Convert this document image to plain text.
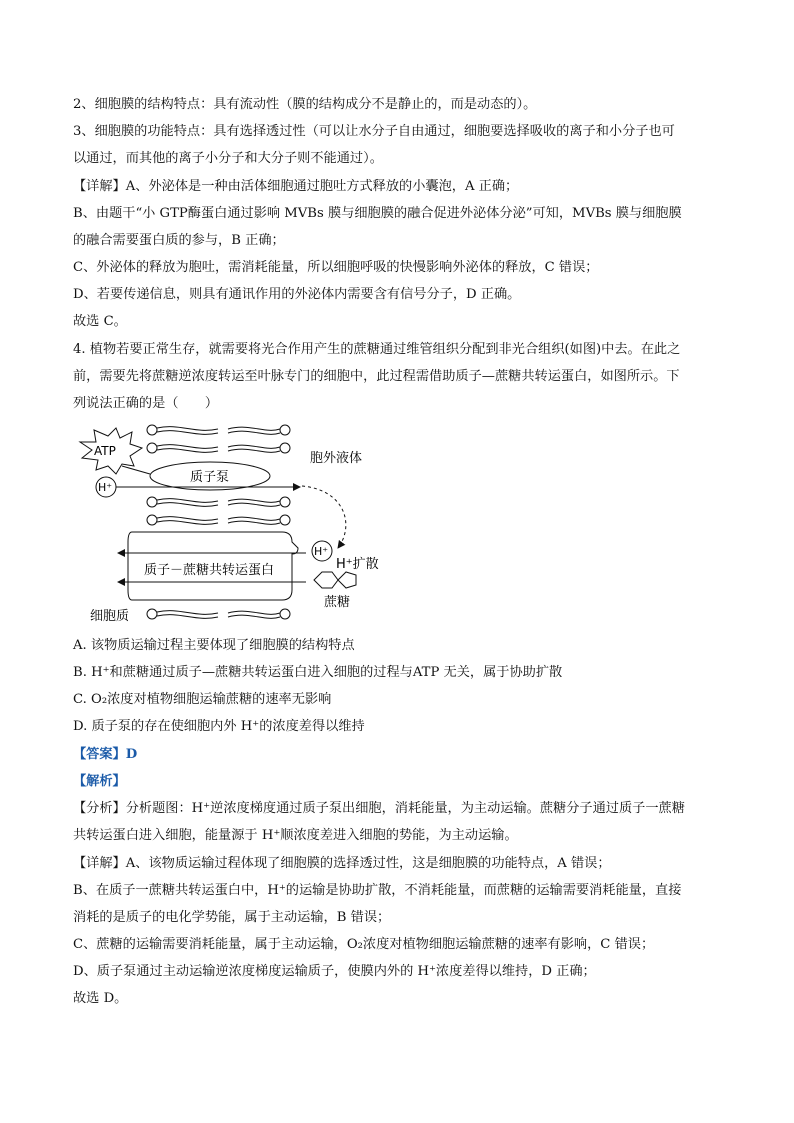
2、细胞膜的结构特点：具有流动性（膜的结构成分不是静止的，而是动态的）。
3、细胞膜的功能特点：具有选择透过性（可以让水分子自由通过，细胞要选择吸收的离子和小分子也可
以通过，而其他的离子小分子和大分子则不能通过）。
【详解】A、外泌体是一种由活体细胞通过胞吐方式释放的小囊泡，A 正确；
B、由题干“小 GTP酶蛋白通过影响 MVBs 膜与细胞膜的融合促进外泌体分泌”可知，MVBs 膜与细胞膜
的融合需要蛋白质的参与，B 正确；
C、外泌体的释放为胞吐，需消耗能量，所以细胞呼吸的快慢影响外泌体的释放，C 错误；
D、若要传递信息，则具有通讯作用的外泌体内需要含有信号分子，D 正确。
故选 C。
4. 植物若要正常生存，就需要将光合作用产生的蔗糖通过维管组织分配到非光合组织(如图)中去。在此之
前，需要先将蔗糖逆浓度转运至叶脉专门的细胞中，此过程需借助质子—蔗糖共转运蛋白，如图所示。下
列说法正确的是（　　）
ATP
质子泵
H⁺
胞外液体
质子－蔗糖共转运蛋白
H⁺
H⁺扩散
蔗糖
细胞质
A. 该物质运输过程主要体现了细胞膜的结构特点
B. H⁺和蔗糖通过质子—蔗糖共转运蛋白进入细胞的过程与ATP 无关，属于协助扩散
C. O₂浓度对植物细胞运输蔗糖的速率无影响
D. 质子泵的存在使细胞内外 H⁺的浓度差得以维持
【答案】D
【解析】
【分析】分析题图：H⁺逆浓度梯度通过质子泵出细胞，消耗能量，为主动运输。蔗糖分子通过质子一蔗糖
共转运蛋白进入细胞，能量源于 H⁺顺浓度差进入细胞的势能，为主动运输。
【详解】A、该物质运输过程体现了细胞膜的选择透过性，这是细胞膜的功能特点，A 错误；
B、在质子一蔗糖共转运蛋白中，H⁺的运输是协助扩散，不消耗能量，而蔗糖的运输需要消耗能量，直接
消耗的是质子的电化学势能，属于主动运输，B 错误；
C、蔗糖的运输需要消耗能量，属于主动运输，O₂浓度对植物细胞运输蔗糖的速率有影响，C 错误；
D、质子泵通过主动运输逆浓度梯度运输质子，使膜内外的 H⁺浓度差得以维持，D 正确；
故选 D。
